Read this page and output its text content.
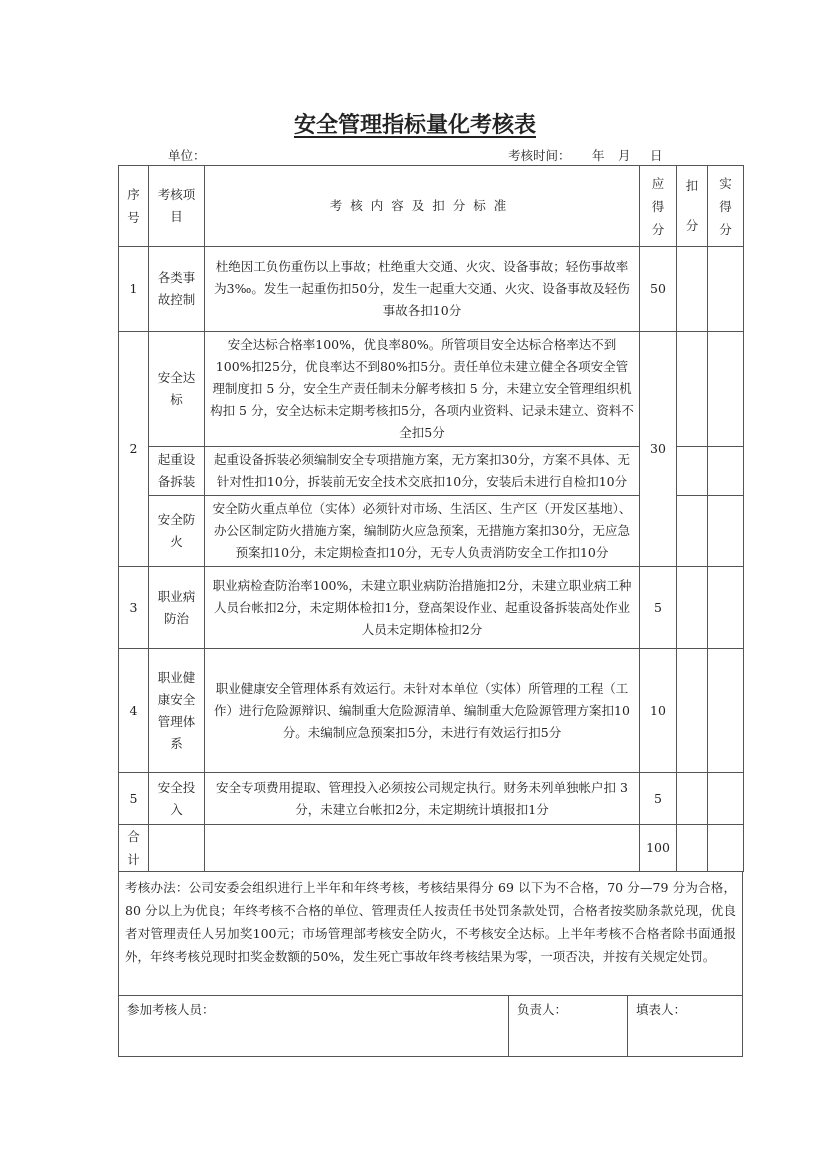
安全管理指标量化考核表
单位：	考核时间： 年 月 日
序号	考核项目	考核内容及扣分标准	应得分	扣分	实得分
1	各类事故控制	杜绝因工负伤重伤以上事故；杜绝重大交通、火灾、设备事故；轻伤事故率为3‰。发生一起重伤扣50分，发生一起重大交通、火灾、设备事故及轻伤事故各扣10分	50		
2	安全达标	安全达标合格率100%，优良率80%。所管项目安全达标合格率达不到100%扣25分，优良率达不到80%扣5分。责任单位未建立健全各项安全管理制度扣 5 分，安全生产责任制未分解考核扣 5 分，未建立安全管理组织机构扣 5 分，安全达标未定期考核扣5分，各项内业资料、记录未建立、资料不全扣5分	30		
	起重设备拆装	起重设备拆装必须编制安全专项措施方案，无方案扣30分，方案不具体、无针对性扣10分，拆装前无安全技术交底扣10分，安装后未进行自检扣10分			
	安全防火	安全防火重点单位（实体）必须针对市场、生活区、生产区（开发区基地）、办公区制定防火措施方案，编制防火应急预案，无措施方案扣30分，无应急预案扣10分，未定期检查扣10分，无专人负责消防安全工作扣10分			
3	职业病防治	职业病检查防治率100%，未建立职业病防治措施扣2分，未建立职业病工种人员台帐扣2分，未定期体检扣1分，登高架设作业、起重设备拆装高处作业人员未定期体检扣2分	5		
4	职业健康安全管理体系	职业健康安全管理体系有效运行。未针对本单位（实体）所管理的工程（工作）进行危险源辩识、编制重大危险源清单、编制重大危险源管理方案扣10分。未编制应急预案扣5分，未进行有效运行扣5分	10		
5	安全投入	安全专项费用提取、管理投入必须按公司规定执行。财务未列单独帐户扣 3 分，未建立台帐扣2分，未定期统计填报扣1分	5		
合计			100		
考核办法：公司安委会组织进行上半年和年终考核，考核结果得分 69 以下为不合格，70 分—79 分为合格，80 分以上为优良；年终考核不合格的单位、管理责任人按责任书处罚条款处罚，合格者按奖励条款兑现，优良者对管理责任人另加奖100元；市场管理部考核安全防火，不考核安全达标。上半年考核不合格者除书面通报外，年终考核兑现时扣奖金数额的50%，发生死亡事故年终考核结果为零，一项否决，并按有关规定处罚。
参加考核人员：	负责人：	填表人：
